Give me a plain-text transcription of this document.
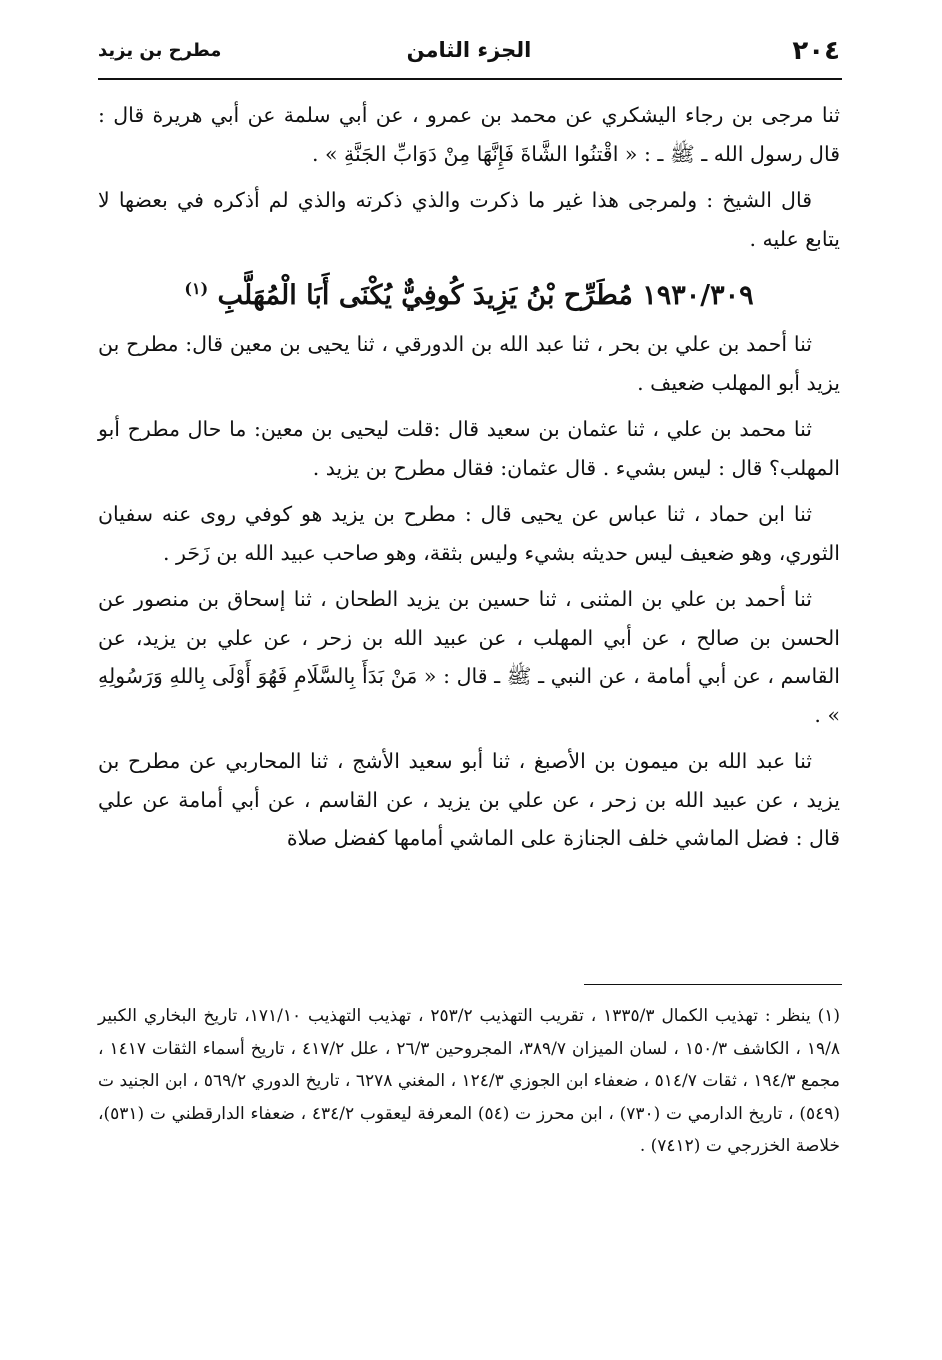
٢٠٤
الجزء الثامن
مطرح بن يزيد

ثنا مرجى بن رجاء اليشكري عن محمد بن عمرو ، عن أبي سلمة عن أبي هريرة قال : قال رسول الله ـ ﷺ ـ : « اقْتنُوا الشَّاةَ فَإِنَّهَا مِنْ دَوَابِّ الجَنَّةِ » .

قال الشيخ : ولمرجى هذا غير ما ذكرت والذي ذكرته والذي لم أذكره في بعضها لا يتابع عليه .

١٩٣٠/٣٠٩ مُطَرِّح بْنُ يَزِيدَ كُوفِيٌّ يُكْنَى أَبَا الْمُهَلَّبِ $^{(١)}$

ثنا أحمد بن علي بن بحر ، ثنا عبد الله بن الدورقي ، ثنا يحيى بن معين قال: مطرح بن يزيد أبو المهلب ضعيف .

ثنا محمد بن علي ، ثنا عثمان بن سعيد قال :قلت ليحيى بن معين: ما حال مطرح أبو المهلب؟ قال : ليس بشيء . قال عثمان: فقال مطرح بن يزيد .

ثنا ابن حماد ، ثنا عباس عن يحيى قال : مطرح بن يزيد هو كوفي روى عنه سفيان الثوري، وهو ضعيف ليس حديثه بشيء وليس بثقة، وهو صاحب عبيد الله بن زَحَر .

ثنا أحمد بن علي بن المثنى ، ثنا حسين بن يزيد الطحان ، ثنا إسحاق بن منصور عن الحسن بن صالح ، عن أبي المهلب ، عن عبيد الله بن زحر ، عن علي بن يزيد، عن القاسم ، عن أبي أمامة ، عن النبي ـ ﷺ ـ قال : « مَنْ بَدَأَ بِالسَّلَامِ فَهُوَ أَوْلَى بِاللهِ وَرَسُولِهِ » .

ثنا عبد الله بن ميمون بن الأصبغ ، ثنا أبو سعيد الأشج ، ثنا المحاربي عن مطرح بن يزيد ، عن عبيد الله بن زحر ، عن علي بن يزيد ، عن القاسم ، عن أبي أمامة عن علي قال : فضل الماشي خلف الجنازة على الماشي أمامها كفضل صلاة

(١) ينظر : تهذيب الكمال ١٣٣٥/٣ ، تقريب التهذيب ٢٥٣/٢ ، تهذيب التهذيب ١٧١/١٠، تاريخ البخاري الكبير ١٩/٨ ، الكاشف ١٥٠/٣ ، لسان الميزان ٣٨٩/٧، المجروحين ٢٦/٣ ، علل ٤١٧/٢ ، تاريخ أسماء الثقات ١٤١٧ ، مجمع ١٩٤/٣ ، ثقات ٥١٤/٧ ، ضعفاء ابن الجوزي ١٢٤/٣ ، المغني ٦٢٧٨ ، تاريخ الدوري ٥٦٩/٢ ، ابن الجنيد ت (٥٤٩) ، تاريخ الدارمي ت (٧٣٠) ، ابن محرز ت (٥٤) المعرفة ليعقوب ٤٣٤/٢ ، ضعفاء الدارقطني ت (٥٣١)، خلاصة الخزرجي ت (٧٤١٢) .
